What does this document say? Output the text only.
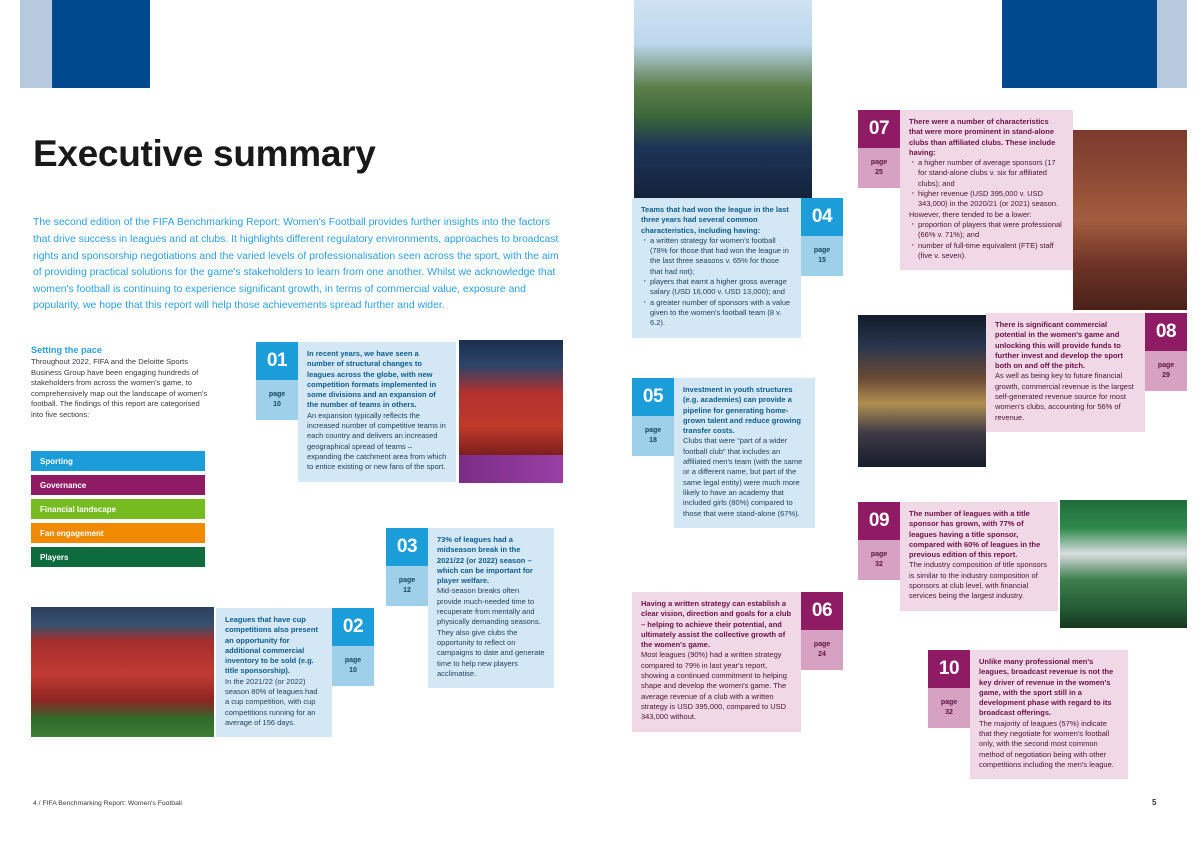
Executive summary

The second edition of the FIFA Benchmarking Report: Women's Football provides further insights into the factors that drive success in leagues and at clubs. It highlights different regulatory environments, approaches to broadcast rights and sponsorship negotiations and the varied levels of professionalisation seen across the sport, with the aim of providing practical solutions for the game's stakeholders to learn from one another. Whilst we acknowledge that women's football is continuing to experience significant growth, in terms of commercial value, exposure and popularity, we hope that this report will help those achievements spread further and wider.

Setting the pace
Throughout 2022, FIFA and the Deloitte Sports Business Group have been engaging hundreds of stakeholders from across the women's game, to comprehensively map out the landscape of women's football. The findings of this report are categorised into five sections:
Sporting
Governance
Financial landscape
Fan engagement
Players
01
page
10
In recent years, we have seen a number of structural changes to leagues across the globe, with new competition formats implemented in some divisions and an expansion of the number of teams in others.
An expansion typically reflects the increased number of competitive teams in each country and delivers an increased geographical spread of teams – expanding the catchment area from which to entice existing or new fans of the sport.
02
page
10
Leagues that have cup competitions also present an opportunity for additional commercial inventory to be sold (e.g. title sponsorship).
In the 2021/22 (or 2022) season 80% of leagues had a cup competition, with cup competitions running for an average of 156 days.
03
page
12
73% of leagues had a midseason break in the 2021/22 (or 2022) season – which can be important for player welfare.
Mid-season breaks often provide much-needed time to recuperate from mentally and physically demanding seasons. They also give clubs the opportunity to reflect on campaigns to date and generate time to help new players acclimatise.
4 / FIFA Benchmarking Report: Women's Football
04
page
15
Teams that had won the league in the last three years had several common characteristics, including having:
· a written strategy for women's football (78% for those that had won the league in the last three seasons v. 65% for those that had not);
· players that earnt a higher gross average salary (USD 16,000 v. USD 13,000); and
· a greater number of sponsors with a value given to the women's football team (8 v. 6.2).
05
page
18
Investment in youth structures (e.g. academies) can provide a pipeline for generating home-grown talent and reduce growing transfer costs.
Clubs that were “part of a wider football club” that includes an affiliated men's team (with the same or a different name, but part of the same legal entity) were much more likely to have an academy that included girls (80%) compared to those that were stand-alone (67%).
06
page
24
Having a written strategy can establish a clear vision, direction and goals for a club – helping to achieve their potential, and ultimately assist the collective growth of the women's game.
Most leagues (90%) had a written strategy compared to 79% in last year's report, showing a continued commitment to helping shape and develop the women's game. The average revenue of a club with a written strategy is USD 395,000, compared to USD 343,000 without.
07
page
25
There were a number of characteristics that were more prominent in stand-alone clubs than affiliated clubs. These include having:
· a higher number of average sponsors (17 for stand-alone clubs v. six for affiliated clubs); and
· higher revenue (USD 395,000 v. USD 343,000) in the 2020/21 (or 2021) season.
However, there tended to be a lower:
· proportion of players that were professional (66% v. 71%); and
· number of full-time equivalent (FTE) staff (five v. seven).
08
page
29
There is significant commercial potential in the women's game and unlocking this will provide funds to further invest and develop the sport both on and off the pitch.
As well as being key to future financial growth, commercial revenue is the largest self-generated revenue source for most women's clubs, accounting for 56% of revenue.
09
page
32
The number of leagues with a title sponsor has grown, with 77% of leagues having a title sponsor, compared with 60% of leagues in the previous edition of this report.
The industry composition of title sponsors is similar to the industry composition of sponsors at club level, with financial services being the largest industry.
10
page
32
Unlike many professional men's leagues, broadcast revenue is not the key driver of revenue in the women's game, with the sport still in a development phase with regard to its broadcast offerings.
The majority of leagues (57%) indicate that they negotiate for women's football only, with the second most common method of negotiation being with other competitions including the men's league.
5
